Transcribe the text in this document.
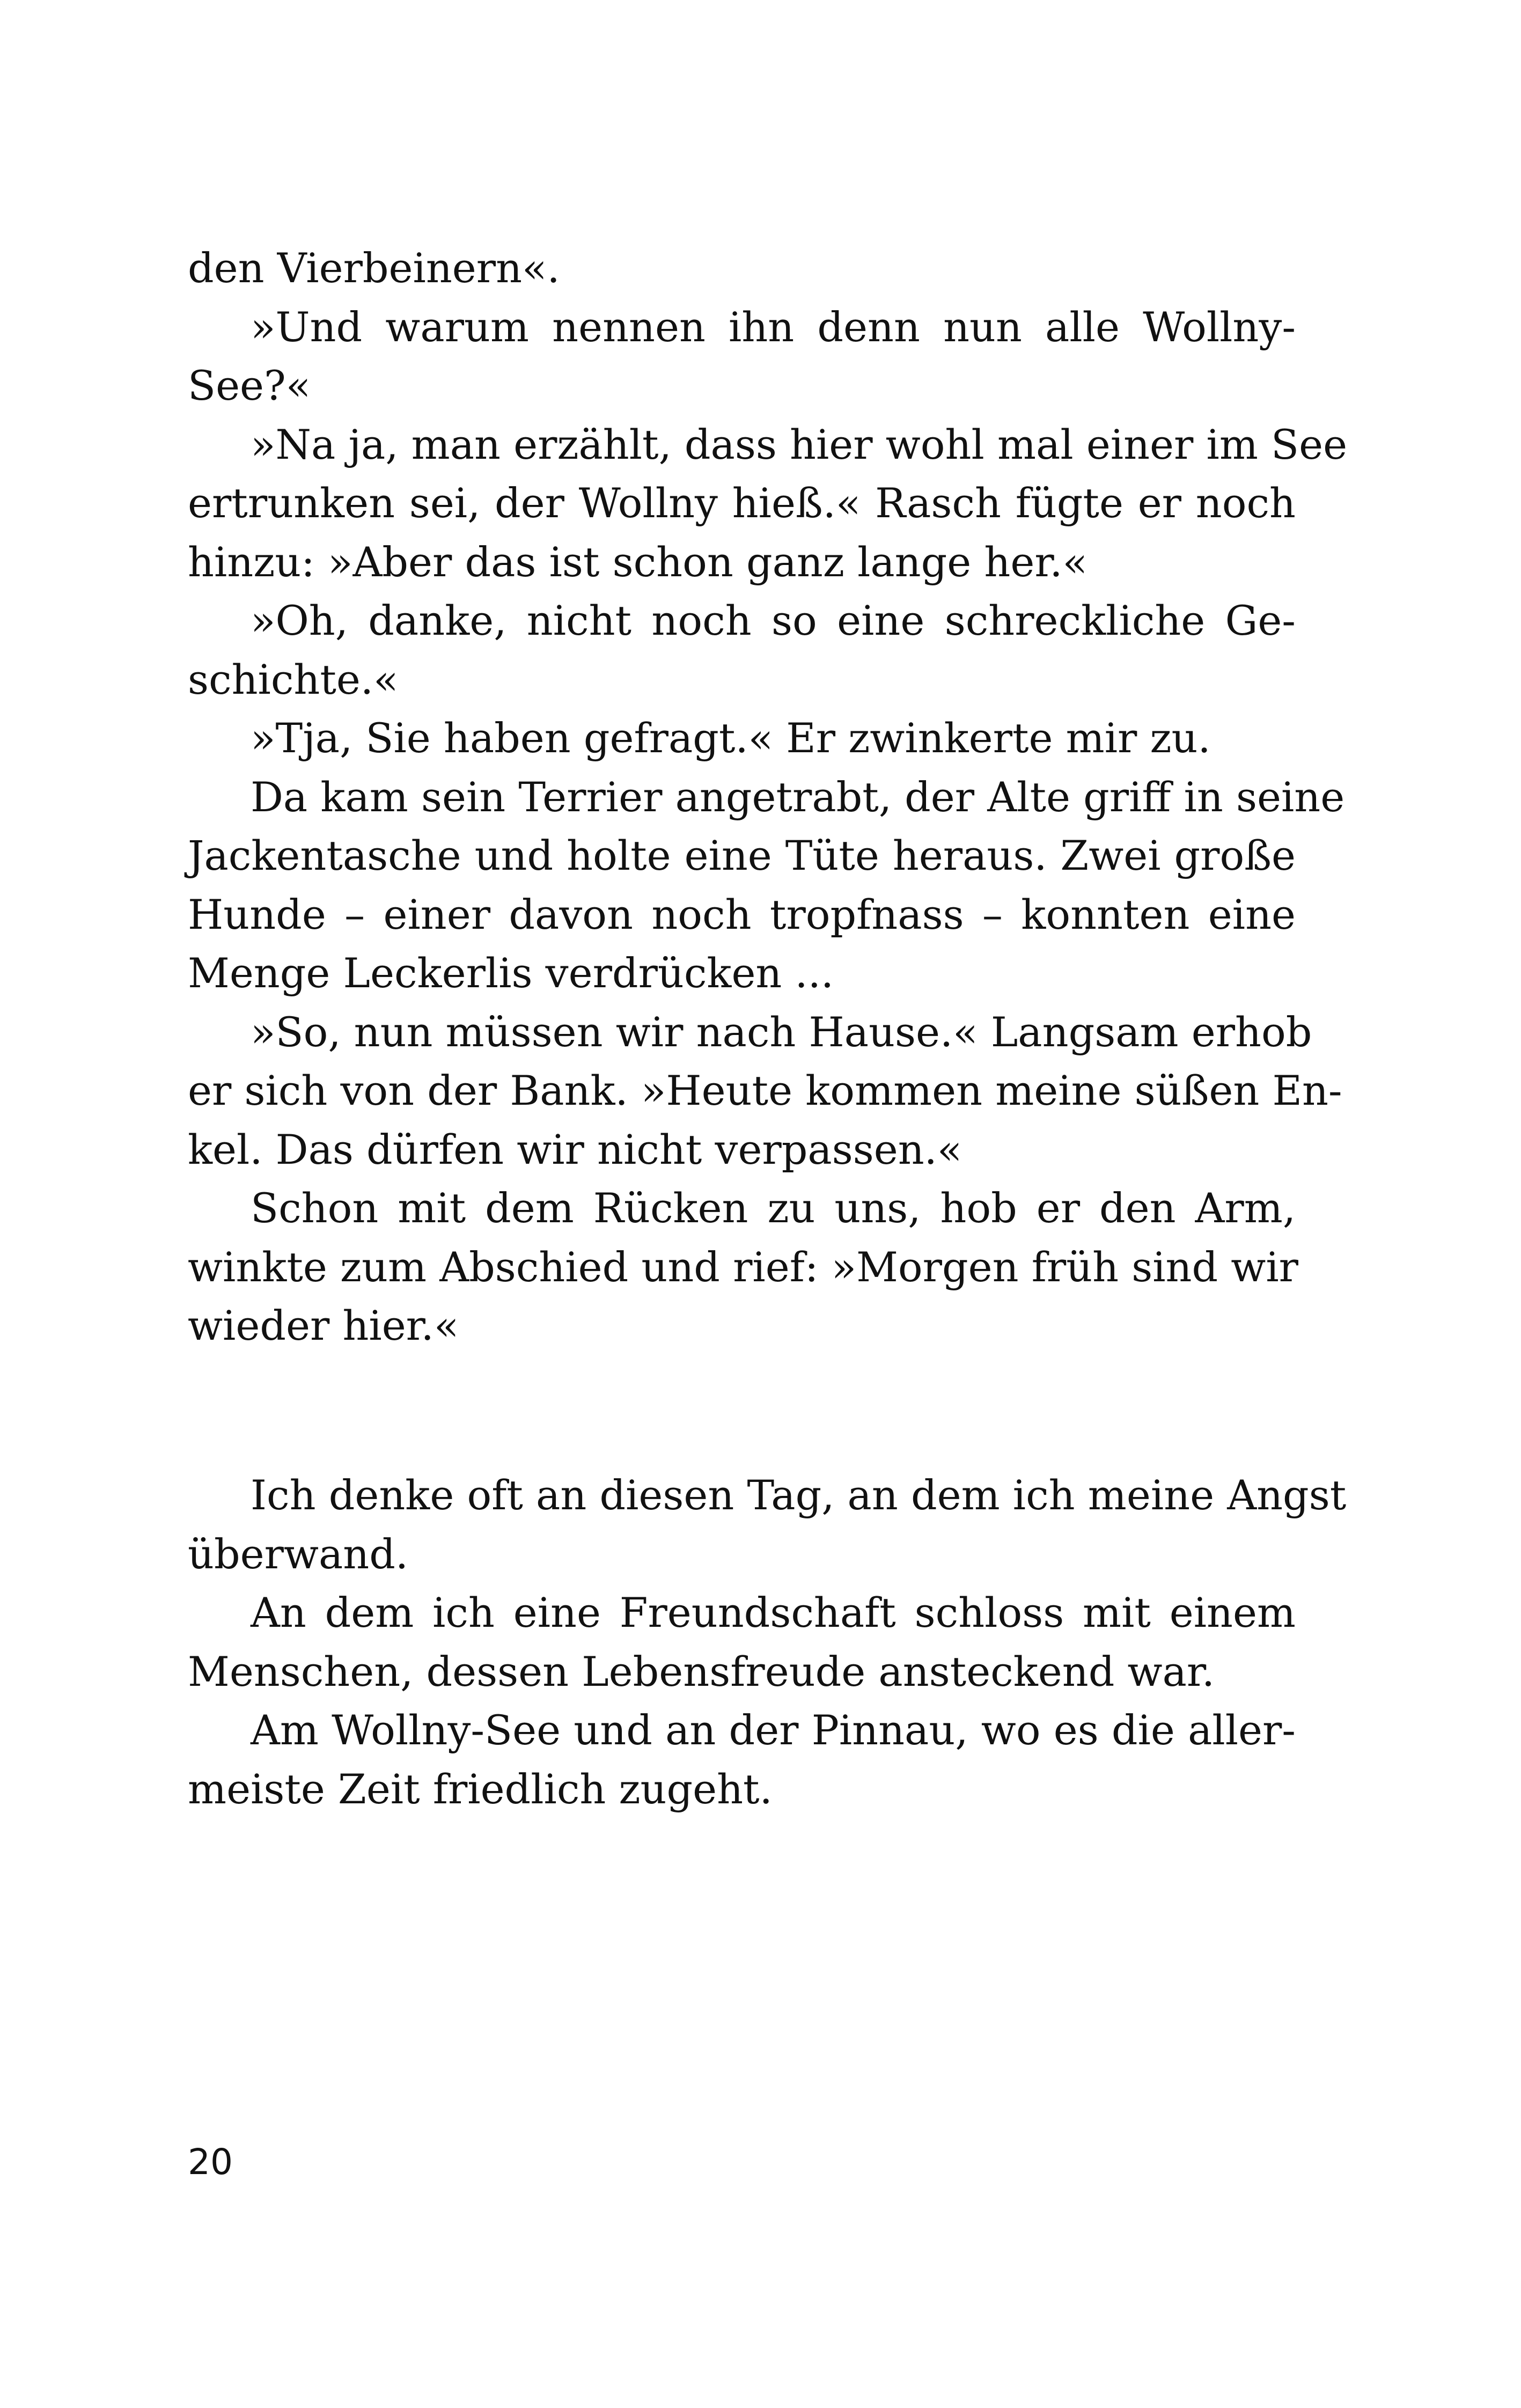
den Vierbeinern«.
»Und warum nennen ihn denn nun alle Wollny-
See?«
»Na ja, man erzählt, dass hier wohl mal einer im See
ertrunken sei, der Wollny hieß.« Rasch fügte er noch
hinzu: »Aber das ist schon ganz lange her.«
»Oh, danke, nicht noch so eine schreckliche Ge-
schichte.«
»Tja, Sie haben gefragt.« Er zwinkerte mir zu.
Da kam sein Terrier angetrabt, der Alte griff in seine
Jackentasche und holte eine Tüte heraus. Zwei große
Hunde – einer davon noch tropfnass – konnten eine
Menge Leckerlis verdrücken ...
»So, nun müssen wir nach Hause.« Langsam erhob
er sich von der Bank. »Heute kommen meine süßen En-
kel. Das dürfen wir nicht verpassen.«
Schon mit dem Rücken zu uns, hob er den Arm,
winkte zum Abschied und rief: »Morgen früh sind wir
wieder hier.«
Ich denke oft an diesen Tag, an dem ich meine Angst
überwand.
An dem ich eine Freundschaft schloss mit einem
Menschen, dessen Lebensfreude ansteckend war.
Am Wollny-See und an der Pinnau, wo es die aller-
meiste Zeit friedlich zugeht.
20
